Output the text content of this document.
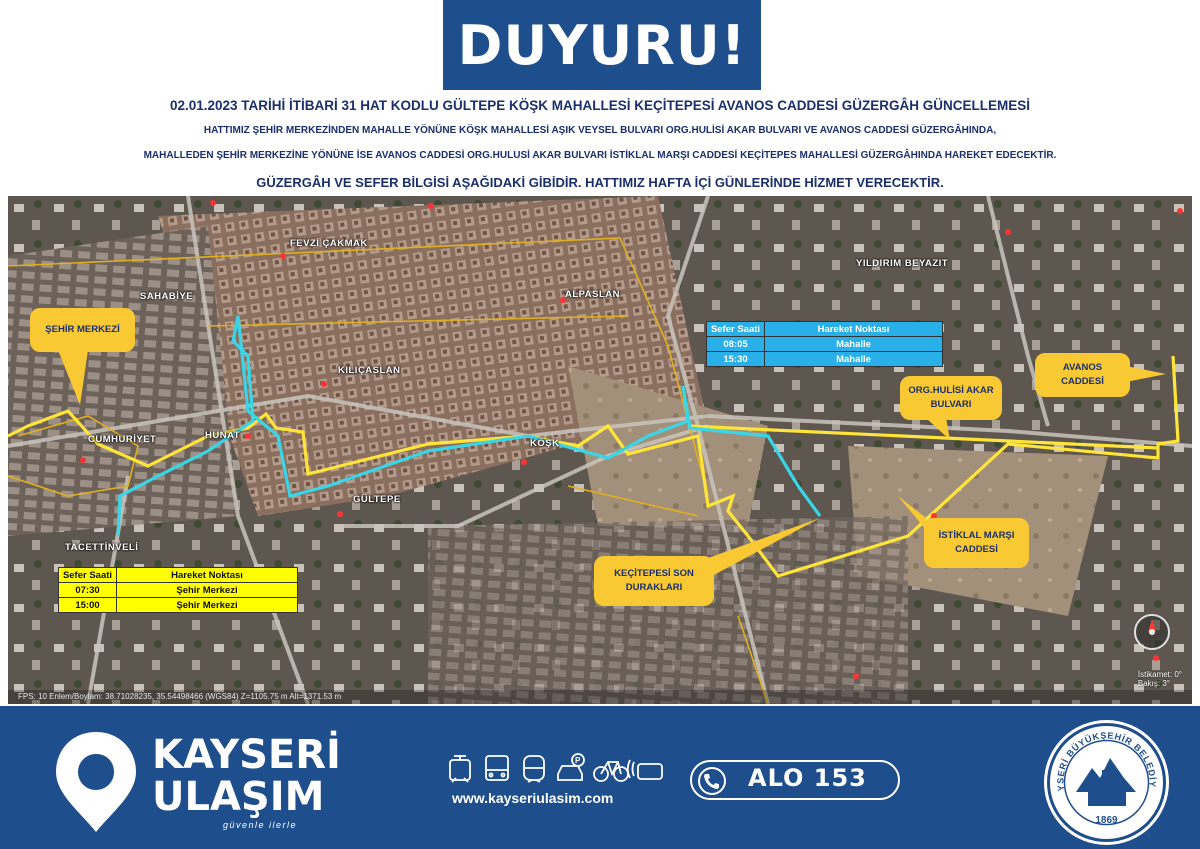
DUYURU!
02.01.2023 TARİHİ İTİBARİ 31 HAT KODLU GÜLTEPE KÖŞK MAHALLESİ KEÇİTEPESİ AVANOS CADDESİ GÜZERGÂH GÜNCELLEMESİ
HATTIMIZ ŞEHİR MERKEZİNDEN MAHALLE YÖNÜNE KÖŞK MAHALLESİ AŞIK VEYSEL BULVARI ORG.HULİSİ AKAR BULVARI VE AVANOS CADDESİ GÜZERGÂHINDA,
MAHALLEDEN ŞEHİR MERKEZİNE YÖNÜNE İSE AVANOS CADDESİ ORG.HULUSİ AKAR BULVARI İSTİKLAL MARŞI CADDESİ KEÇİTEPES MAHALLESİ GÜZERGÂHINDA HAREKET EDECEKTİR.
GÜZERGÂH VE SEFER BİLGİSİ AŞAĞIDAKİ GİBİDİR. HATTIMIZ HAFTA İÇİ GÜNLERİNDE HİZMET VERECEKTİR.
FEVZİ ÇAKMAK
YILDIRIM BEYAZIT
SAHABİYE	ALPASLAN
KILIÇASLAN
CUMHURİYET	HUNAT
KÖŞK
GÜLTEPE
TACETTİNVELİ
ŞEHİR MERKEZİ
AVANOS
CADDESİ
ORG.HULİSİ AKAR
BULVARI
İSTİKLAL MARŞI
CADDESİ
KEÇİTEPESİ SON
DURAKLARI
Sefer Saati	Hareket Noktası
08:05	Mahalle
15:30	Mahalle
Sefer Saati	Hareket Noktası
07:30	Şehir Merkezi
15:00	Şehir Merkezi
İstikamet: 0°
Bakış: 3°
FPS: 10 Enlem/Boylam: 38.71028235, 35.54498466 (WGS84) Z=1105.75 m Alt=1371.53 m
KAYSERİ
ULAŞIM
güvenle ilerle
P
www.kayseriulasim.com
ALO 153	YSERİ BÜYÜKŞEHİR BELEDİY
1869
